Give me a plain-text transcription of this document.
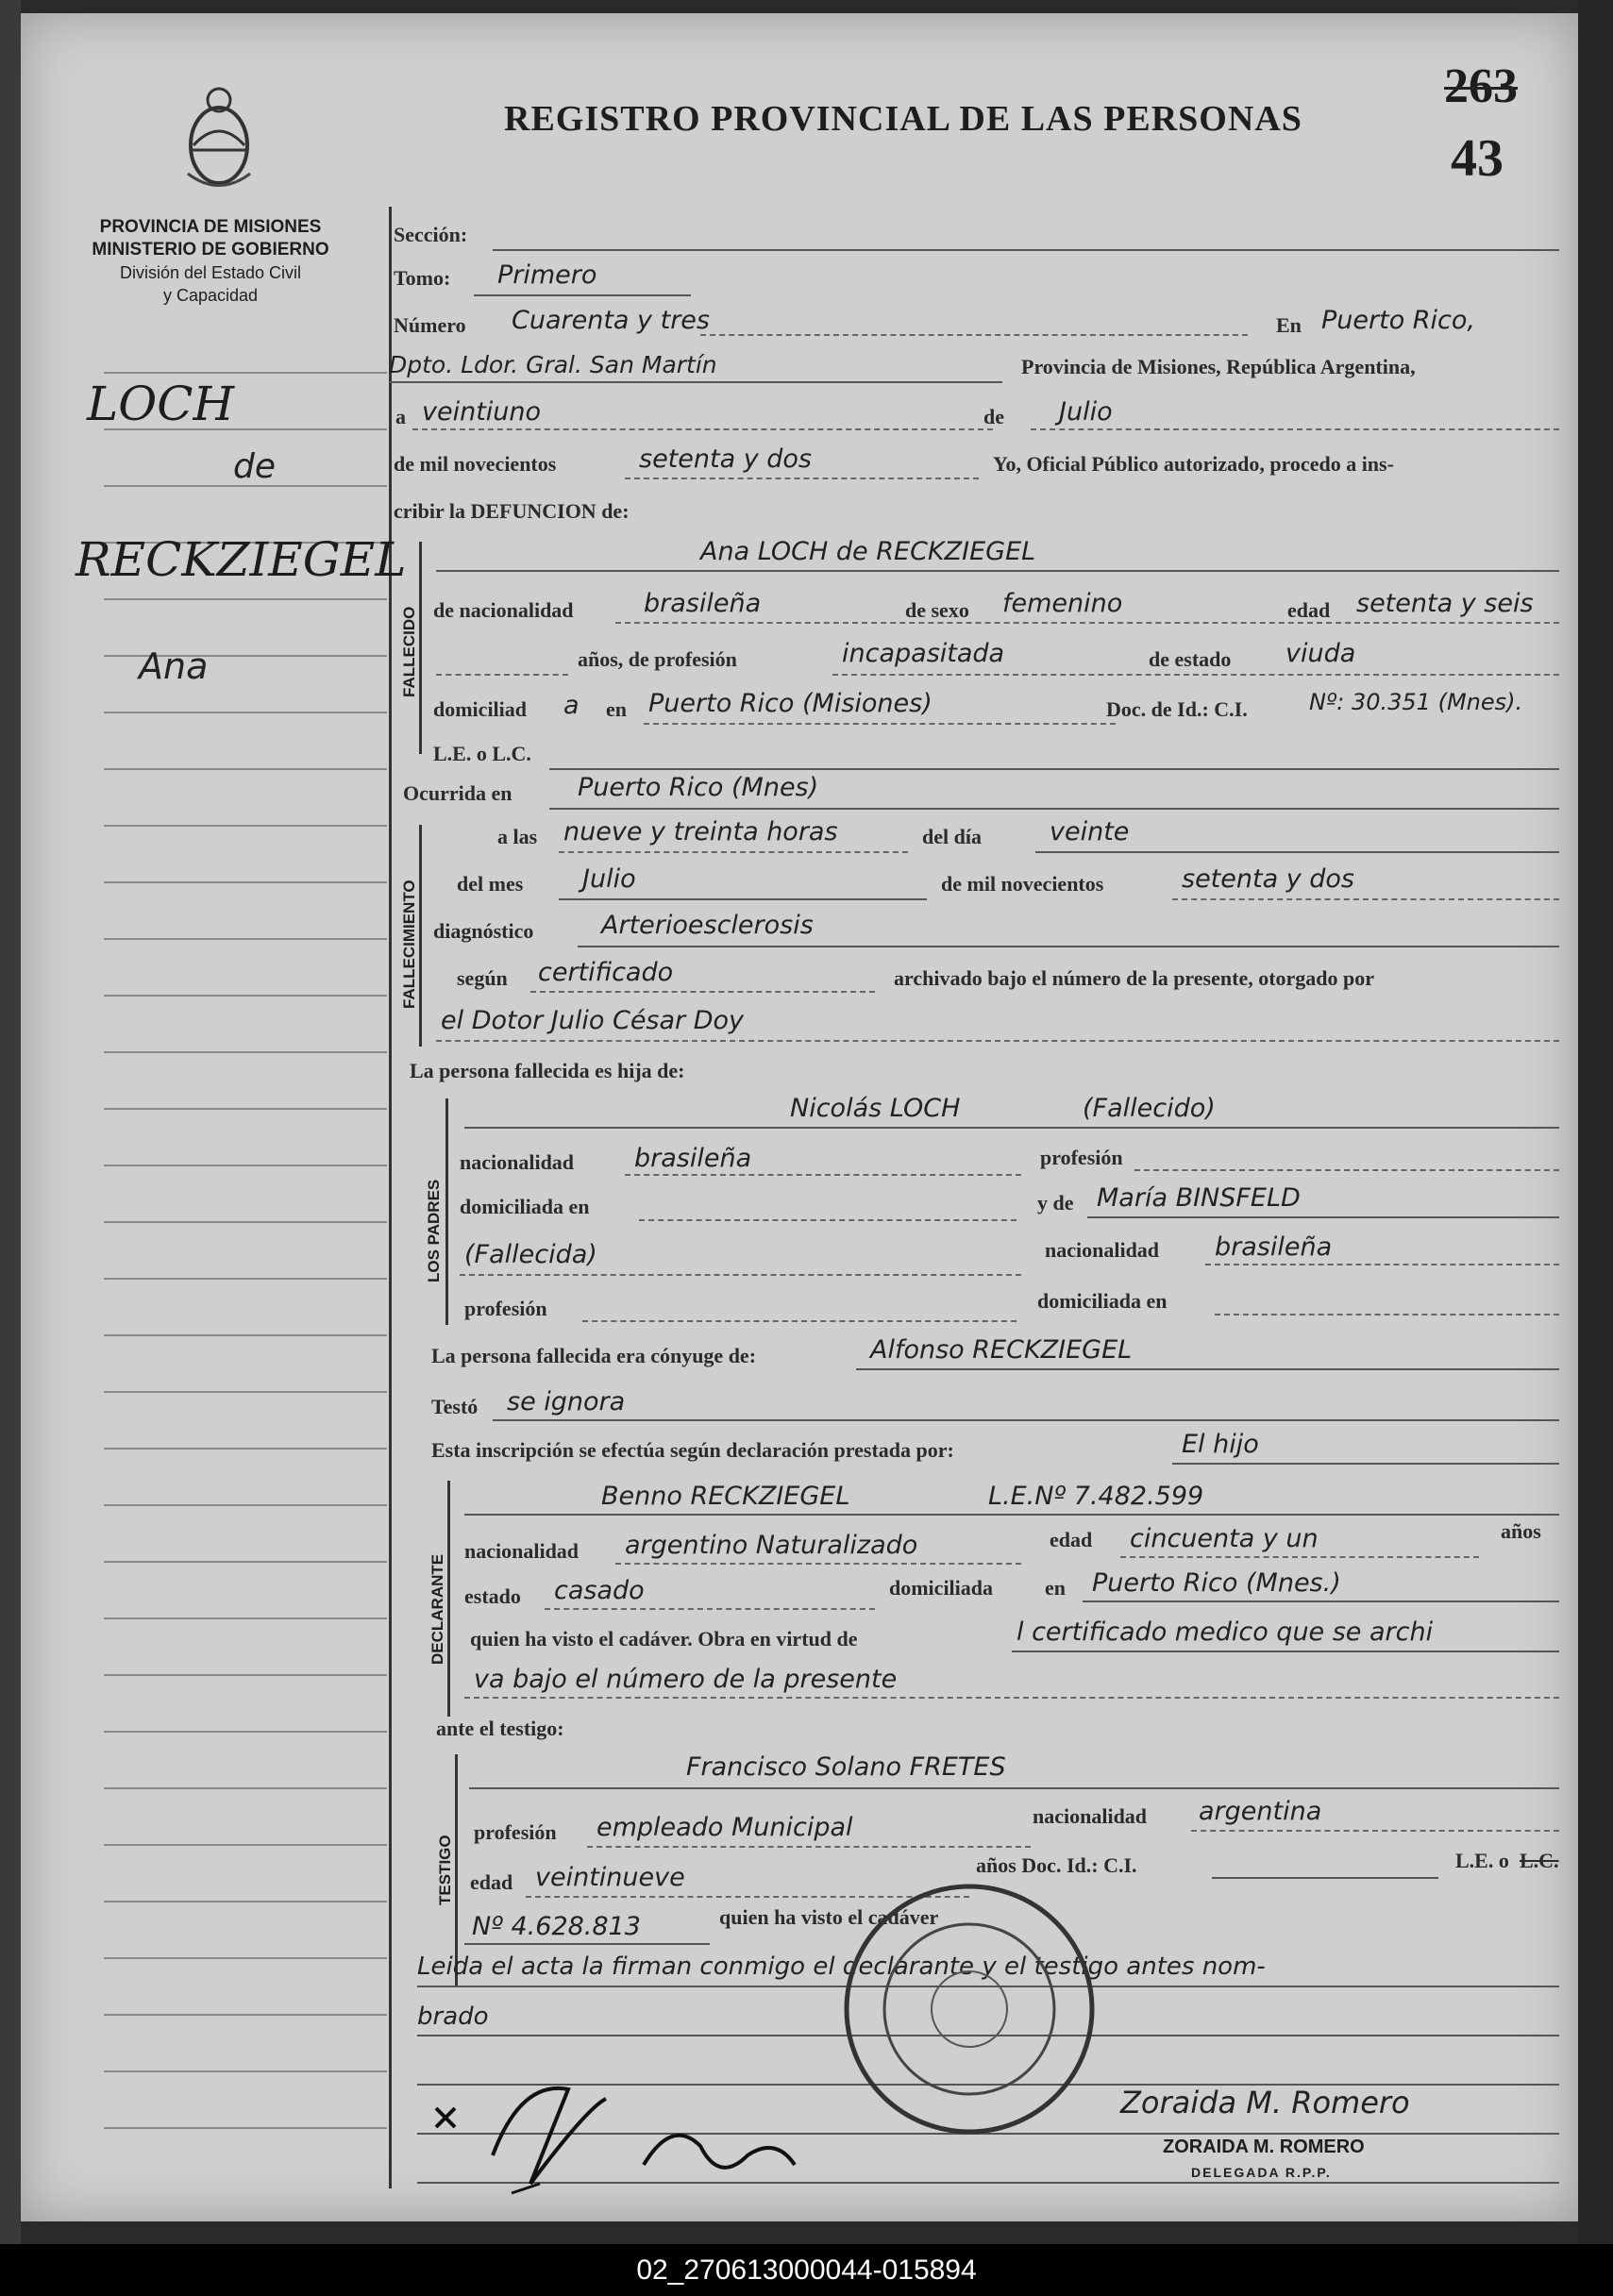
REGISTRO PROVINCIAL DE LAS PERSONAS
263
43
PROVINCIA DE MISIONES
MINISTERIO DE GOBIERNO
División del Estado Civil
y Capacidad
LOCH
de
RECKZIEGEL
Ana
Sección:
Tomo: Primero
Número Cuarenta y tres	En Puerto Rico,
Dpto. Ldor. Gral. San Martín	Provincia de Misiones, República Argentina,
a veintiuno	de Julio
de mil novecientos	setenta y dos	Yo, Oficial Público autorizado, procedo a ins-
cribir la DEFUNCION de:
FALLECIDO
Ana LOCH de RECKZIEGEL
de nacionalidad	brasileña	de sexo femenino	edad setenta y seis
años, de profesión	incapasitada	de estado viuda
domiciliad a en Puerto Rico (Misiones)	Doc. de Id.: C.I.	Nº: 30.351 (Mnes).
L.E. o L.C.
Ocurrida en	Puerto Rico (Mnes)
FALLECIMIENTO
a las nueve y treinta horas	del día	veinte
del mes Julio	de mil novecientos	setenta y dos
diagnóstico	Arterioesclerosis
según certificado	archivado bajo el número de la presente, otorgado por
el Dotor Julio César Doy
La persona fallecida es hija de:
LOS PADRES
Nicolás LOCH	(Fallecido)
nacionalidad brasileña	profesión
domiciliada en	y de María BINSFELD
(Fallecida)	nacionalidad brasileña
profesión	domiciliada en
La persona fallecida era cónyuge de:	Alfonso RECKZIEGEL
Testó se ignora
Esta inscripción se efectúa según declaración prestada por:	El hijo
DECLARANTE
Benno RECKZIEGEL	L.E.Nº 7.482.599
nacionalidad argentino Naturalizado	edad cincuenta y un	años
estado casado	domiciliada en Puerto Rico (Mnes.)
quien ha visto el cadáver. Obra en virtud de	l certificado medico que se archi
va bajo el número de la presente
ante el testigo:
TESTIGO
Francisco Solano FRETES
profesión empleado Municipal	nacionalidad argentina
edad veintinueve	años Doc. Id.: C.I.	L.E. o L.C.
Nº 4.628.813	quien ha visto el cadáver
Leida el acta la firman conmigo el declarante y el testigo antes nom-
brado
Zoraida M. Romero
ZORAIDA M. ROMERO
DELEGADA R.P.P.
02_270613000044-015894
